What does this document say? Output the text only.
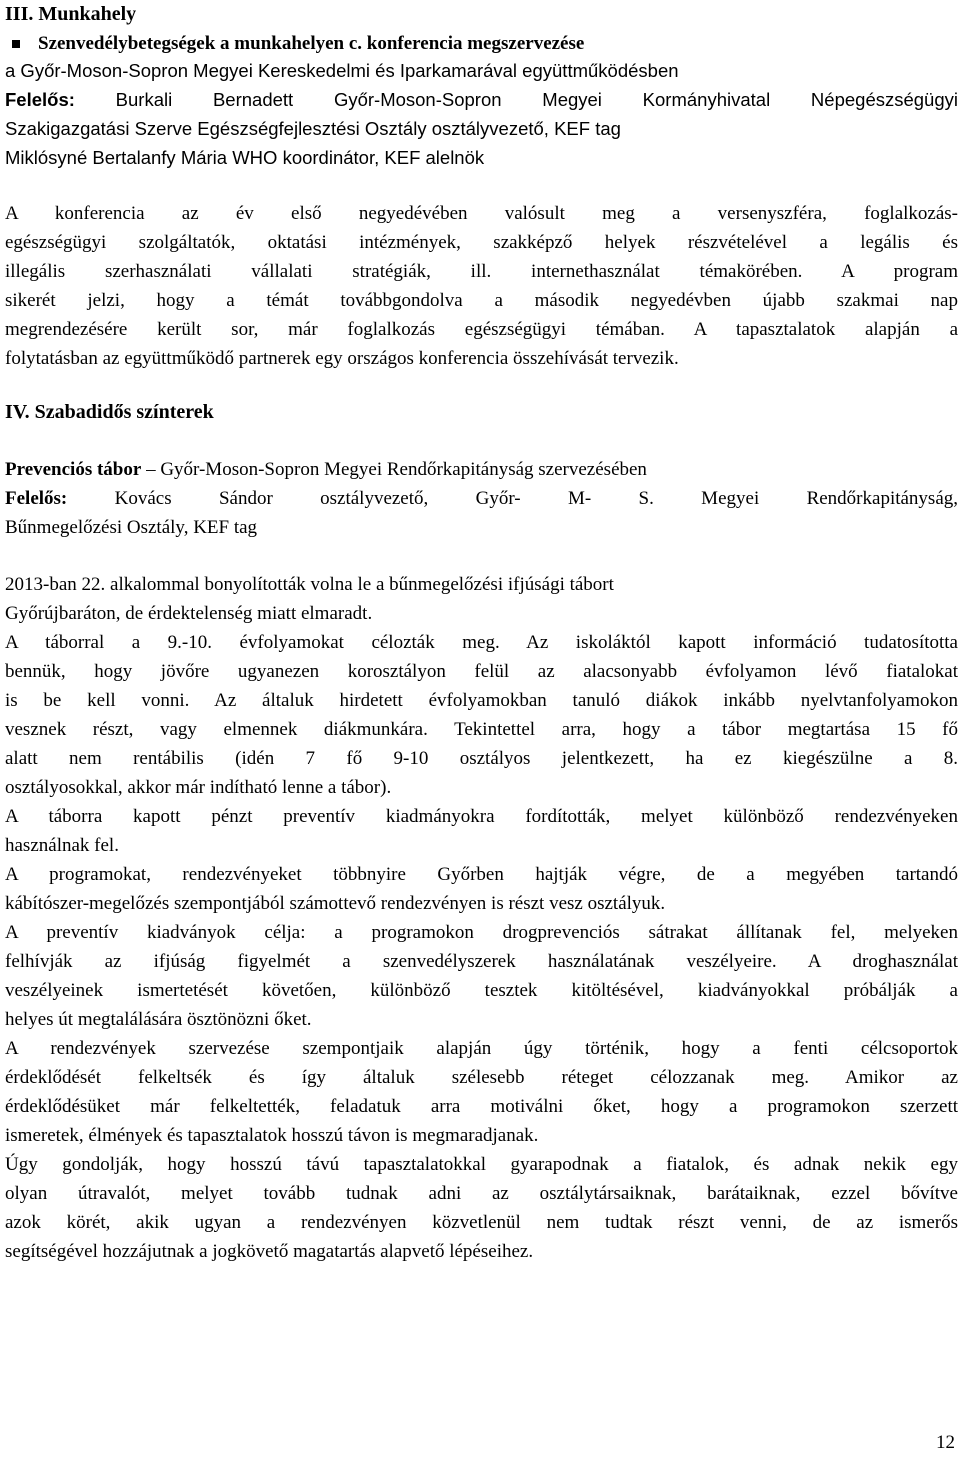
III. Munkahely
Szenvedélybetegségek a munkahelyen c. konferencia megszervezése
a Győr-Moson-Sopron Megyei Kereskedelmi és Iparkamarával együttműködésben
Felelős: Burkali Bernadett Győr-Moson-Sopron Megyei Kormányhivatal Népegészségügyi
Szakigazgatási Szerve Egészségfejlesztési Osztály osztályvezető, KEF tag
Miklósyné Bertalanfy Mária WHO koordinátor, KEF alelnök
A konferencia az év első negyedévében valósult meg a versenyszféra, foglalkozás-
egészségügyi szolgáltatók, oktatási intézmények, szakképző helyek részvételével a legális és
illegális szerhasználati vállalati stratégiák, ill. internethasználat témakörében. A program
sikerét jelzi, hogy a témát továbbgondolva a második negyedévben újabb szakmai nap
megrendezésére került sor, már foglalkozás egészségügyi témában. A tapasztalatok alapján a
folytatásban az együttműködő partnerek egy országos konferencia összehívását tervezik.
IV. Szabadidős színterek
Prevenciós tábor – Győr-Moson-Sopron Megyei Rendőrkapitányság szervezésében
Felelős: Kovács Sándor osztályvezető, Győr- M- S. Megyei Rendőrkapitányság,
Bűnmegelőzési Osztály, KEF tag
2013-ban 22. alkalommal bonyolították volna le a bűnmegelőzési ifjúsági tábort
Győrújbaráton, de érdektelenség miatt elmaradt.
A táborral a 9.-10. évfolyamokat célozták meg. Az iskoláktól kapott információ tudatosította
bennük, hogy jövőre ugyanezen korosztályon felül az alacsonyabb évfolyamon lévő fiatalokat
is be kell vonni. Az általuk hirdetett évfolyamokban tanuló diákok inkább nyelvtanfolyamokon
vesznek részt, vagy elmennek diákmunkára. Tekintettel arra, hogy a tábor megtartása 15 fő
alatt nem rentábilis (idén 7 fő 9-10 osztályos jelentkezett, ha ez kiegészülne a 8.
osztályosokkal, akkor már indítható lenne a tábor).
A táborra kapott pénzt preventív kiadmányokra fordították, melyet különböző rendezvényeken
használnak fel.
A programokat, rendezvényeket többnyire Győrben hajtják végre, de a megyében tartandó
kábítószer-megelőzés szempontjából számottevő rendezvényen is részt vesz osztályuk.
A preventív kiadványok célja: a programokon drogprevenciós sátrakat állítanak fel, melyeken
felhívják az ifjúság figyelmét a szenvedélyszerek használatának veszélyeire. A droghasználat
veszélyeinek ismertetését követően, különböző tesztek kitöltésével, kiadványokkal próbálják a
helyes út megtalálására ösztönözni őket.
A rendezvények szervezése szempontjaik alapján úgy történik, hogy a fenti célcsoportok
érdeklődését felkeltsék és így általuk szélesebb réteget célozzanak meg. Amikor az
érdeklődésüket már felkeltették, feladatuk arra motiválni őket, hogy a programokon szerzett
ismeretek, élmények és tapasztalatok hosszú távon is megmaradjanak.
Úgy gondolják, hogy hosszú távú tapasztalatokkal gyarapodnak a fiatalok, és adnak nekik egy
olyan útravalót, melyet tovább tudnak adni az osztálytársaiknak, barátaiknak, ezzel bővítve
azok körét, akik ugyan a rendezvényen közvetlenül nem tudtak részt venni, de az ismerős
segítségével hozzájutnak a jogkövető magatartás alapvető lépéseihez.
12
